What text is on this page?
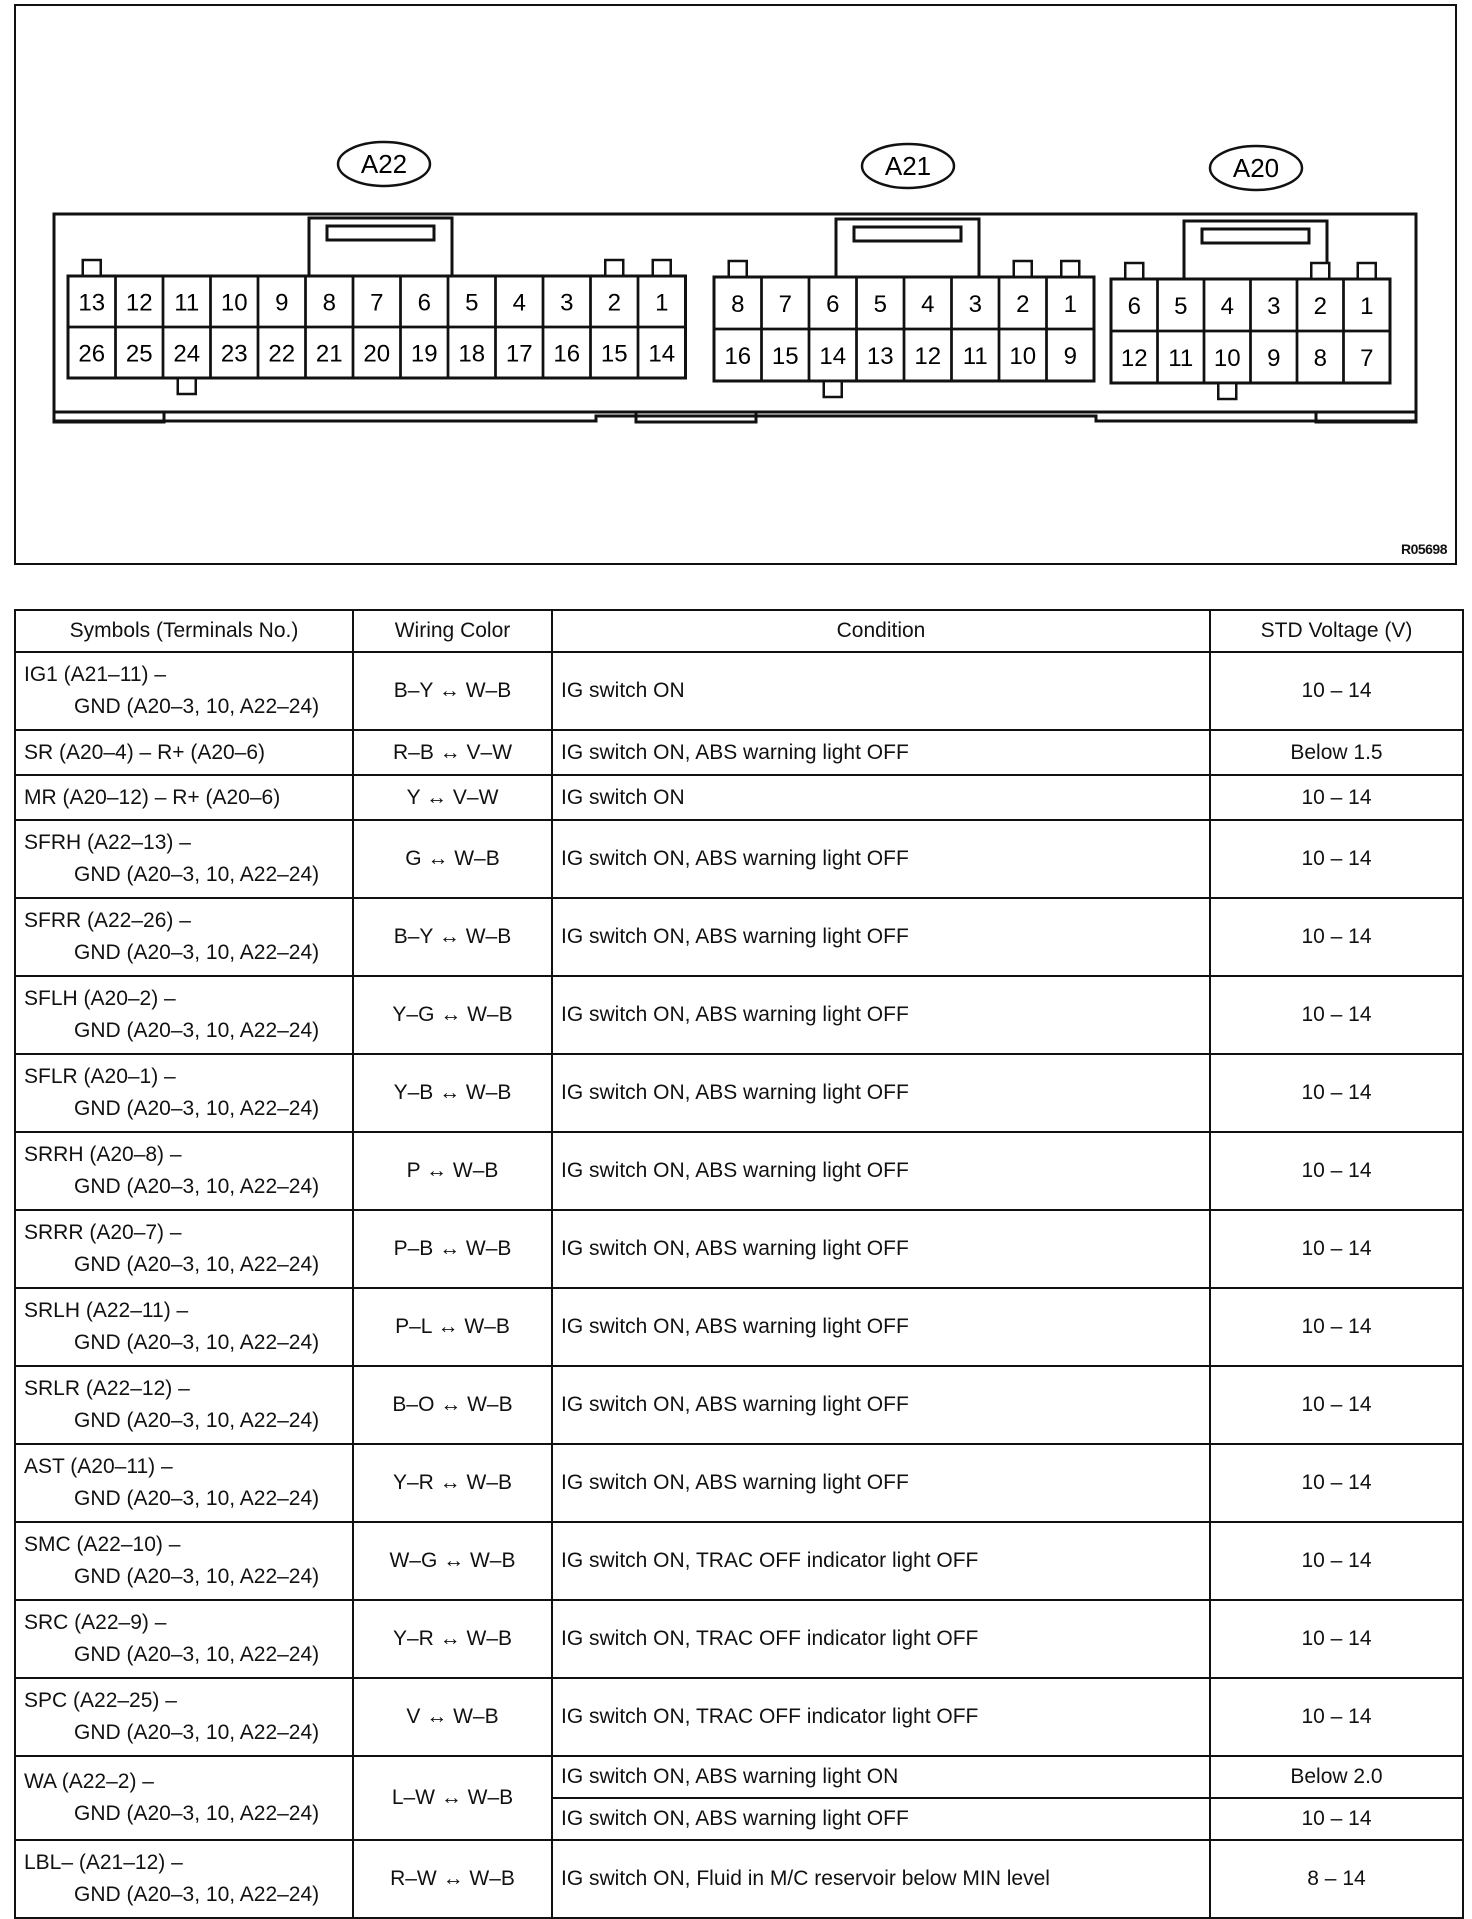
A22	A21	A20
13 12 11 10 9 8 7 6 5 4 3 2 1
26 25 24 23 22 21 20 19 18 17 16 15 14
8 7 6 5 4 3 2 1
16 15 14 13 12 11 10 9
6 5 4 3 2 1
12 11 10 9 8 7
R05698
Symbols (Terminals No.)	Wiring Color	Condition	STD Voltage (V)

IG1 (A21–11) –
GND (A20–3, 10, A22–24)	B–Y ↔ W–B	IG switch ON	10 – 14

SR (A20–4) – R+ (A20–6)	R–B ↔ V–W	IG switch ON, ABS warning light OFF	Below 1.5

MR (A20–12) – R+ (A20–6)	Y ↔ V–W	IG switch ON	10 – 14

SFRH (A22–13) –
GND (A20–3, 10, A22–24)	G ↔ W–B	IG switch ON, ABS warning light OFF	10 – 14

SFRR (A22–26) –
GND (A20–3, 10, A22–24)	B–Y ↔ W–B	IG switch ON, ABS warning light OFF	10 – 14

SFLH (A20–2) –
GND (A20–3, 10, A22–24)	Y–G ↔ W–B	IG switch ON, ABS warning light OFF	10 – 14

SFLR (A20–1) –
GND (A20–3, 10, A22–24)	Y–B ↔ W–B	IG switch ON, ABS warning light OFF	10 – 14

SRRH (A20–8) –
GND (A20–3, 10, A22–24)	P ↔ W–B	IG switch ON, ABS warning light OFF	10 – 14

SRRR (A20–7) –
GND (A20–3, 10, A22–24)	P–B ↔ W–B	IG switch ON, ABS warning light OFF	10 – 14

SRLH (A22–11) –
GND (A20–3, 10, A22–24)	P–L ↔ W–B	IG switch ON, ABS warning light OFF	10 – 14

SRLR (A22–12) –
GND (A20–3, 10, A22–24)	B–O ↔ W–B	IG switch ON, ABS warning light OFF	10 – 14

AST (A20–11) –
GND (A20–3, 10, A22–24)	Y–R ↔ W–B	IG switch ON, ABS warning light OFF	10 – 14

SMC (A22–10) –
GND (A20–3, 10, A22–24)	W–G ↔ W–B	IG switch ON, TRAC OFF indicator light OFF	10 – 14

SRC (A22–9) –
GND (A20–3, 10, A22–24)	Y–R ↔ W–B	IG switch ON, TRAC OFF indicator light OFF	10 – 14

SPC (A22–25) –
GND (A20–3, 10, A22–24)	V ↔ W–B	IG switch ON, TRAC OFF indicator light OFF	10 – 14

WA (A22–2) –
GND (A20–3, 10, A22–24)	L–W ↔ W–B	IG switch ON, ABS warning light ON	Below 2.0
		IG switch ON, ABS warning light OFF	10 – 14

LBL– (A21–12) –
GND (A20–3, 10, A22–24)	R–W ↔ W–B	IG switch ON, Fluid in M/C reservoir below MIN level	8 – 14
